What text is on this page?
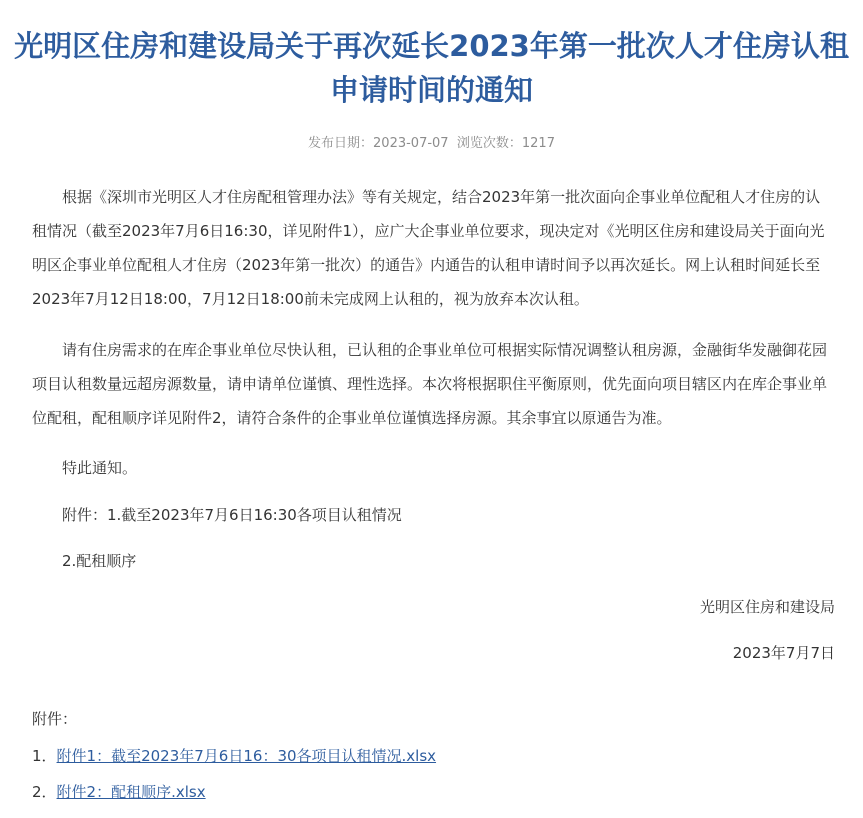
光明区住房和建设局关于再次延长2023年第一批次人才住房认租申请时间的通知
发布日期：2023-07-07 浏览次数：1217

根据《深圳市光明区人才住房配租管理办法》等有关规定，结合2023年第一批次面向企事业单位配租人才住房的认租情况（截至2023年7月6日16:30，详见附件1），应广大企事业单位要求，现决定对《光明区住房和建设局关于面向光明区企事业单位配租人才住房（2023年第一批次）的通告》内通告的认租申请时间予以再次延长。网上认租时间延长至2023年7月12日18:00，7月12日18:00前未完成网上认租的，视为放弃本次认租。

请有住房需求的在库企事业单位尽快认租，已认租的企事业单位可根据实际情况调整认租房源，金融街华发融御花园项目认租数量远超房源数量，请申请单位谨慎、理性选择。本次将根据职住平衡原则，优先面向项目辖区内在库企事业单位配租，配租顺序详见附件2，请符合条件的企事业单位谨慎选择房源。其余事宜以原通告为准。

特此通知。
附件：1.截至2023年7月6日16:30各项目认租情况
2.配租顺序
光明区住房和建设局
2023年7月7日
附件：
1．附件1：截至2023年7月6日16：30各项目认租情况.xlsx
2．附件2：配租顺序.xlsx
